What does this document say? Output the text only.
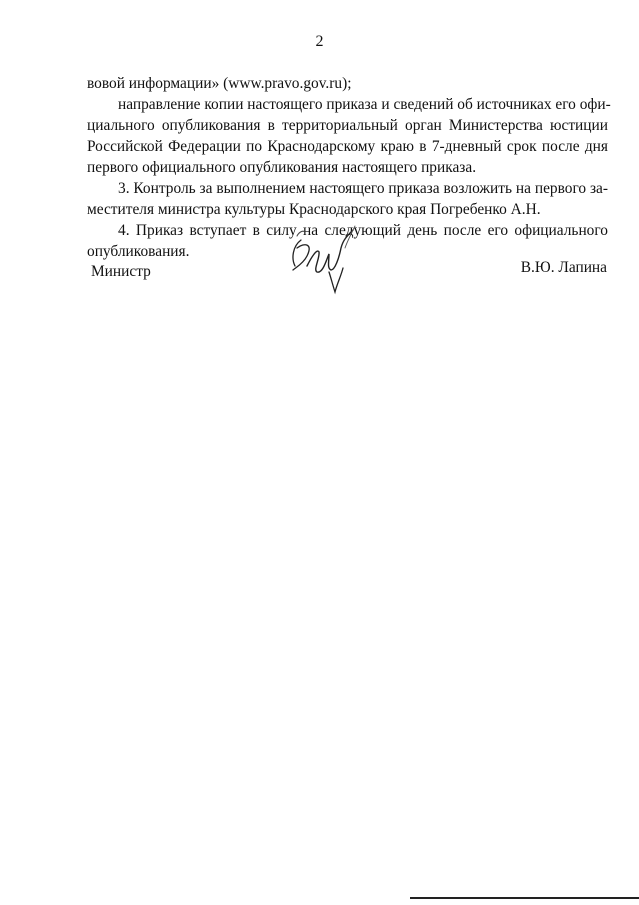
2
вовой информации» (www.pravo.gov.ru);
направление копии настоящего приказа и сведений об источниках его офи-
циального опубликования в территориальный орган Министерства юстиции
Российской Федерации по Краснодарскому краю в 7-дневный срок после дня
первого официального опубликования настоящего приказа.
3. Контроль за выполнением настоящего приказа возложить на первого за-
местителя министра культуры Краснодарского края Погребенко А.Н.
4. Приказ вступает в силу на следующий день после его официального
опубликования.
Министр	В.Ю. Лапина
